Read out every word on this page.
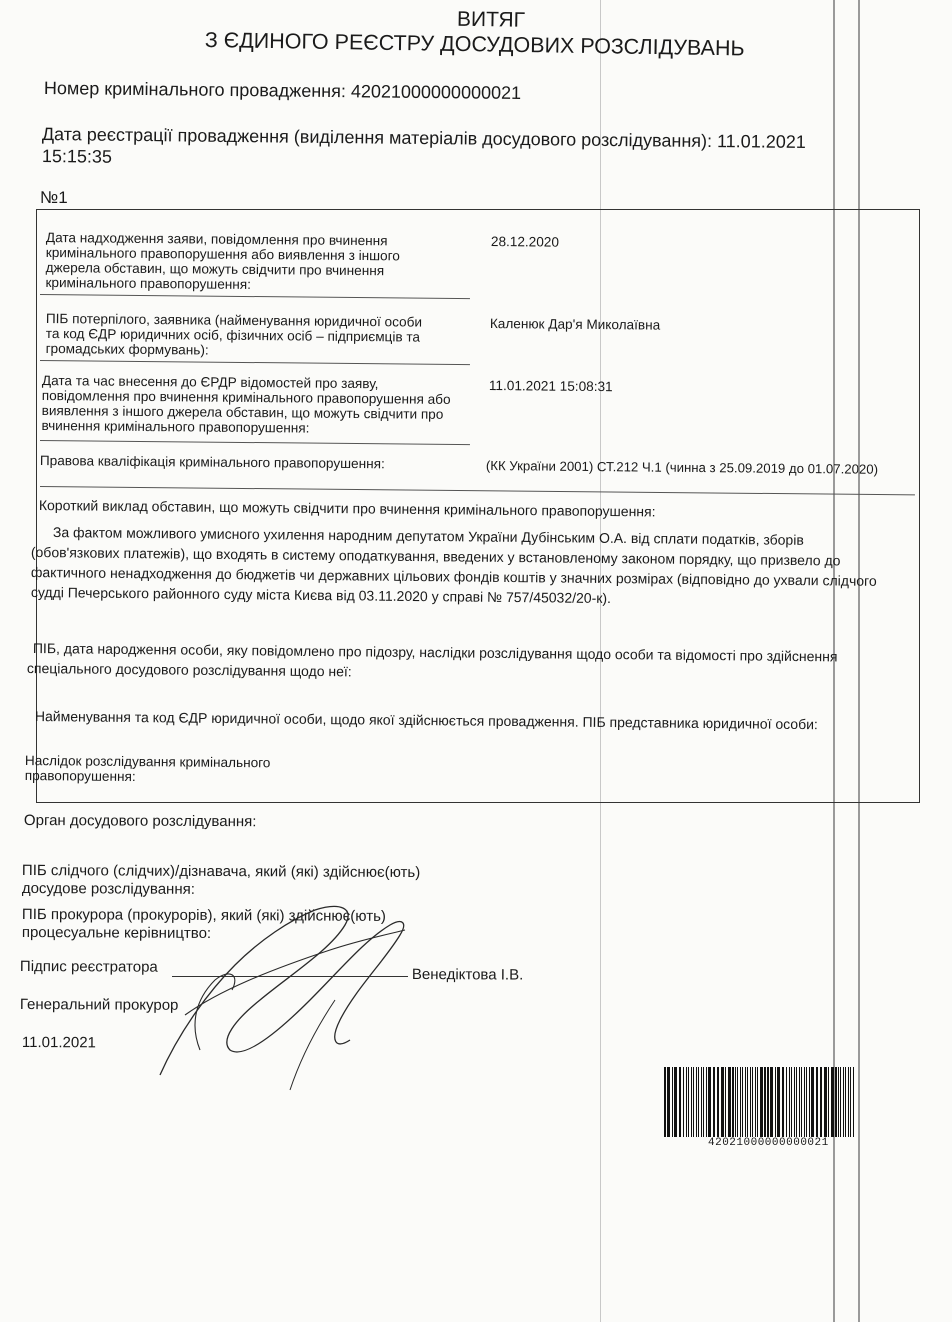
ВИТЯГ
З ЄДИНОГО РЕЄСТРУ ДОСУДОВИХ РОЗСЛІДУВАНЬ
Номер кримінального провадження: 42021000000000021
Дата реєстрації провадження (виділення матеріалів досудового розслідування): 11.01.2021
15:15:35
№1
Дата надходження заяви, повідомлення про вчинення
кримінального правопорушення або виявлення з іншого
джерела обставин, що можуть свідчити про вчинення
кримінального правопорушення:
28.12.2020
ПІБ потерпілого, заявника (найменування юридичної особи
та код ЄДР юридичних осіб, фізичних осіб – підприємців та
громадських формувань):
Каленюк Дар'я Миколаївна
Дата та час внесення до ЄРДР відомостей про заяву,
повідомлення про вчинення кримінального правопорушення або
виявлення з іншого джерела обставин, що можуть свідчити про
вчинення кримінального правопорушення:
11.01.2021 15:08:31
Правова кваліфікація кримінального правопорушення:	(КК України 2001) СТ.212 Ч.1 (чинна з 25.09.2019 до 01.07.2020)
Короткий виклад обставин, що можуть свідчити про вчинення кримінального правопорушення:
За фактом можливого умисного ухилення народним депутатом України Дубінським О.А. від сплати податків, зборів
(обов'язкових платежів), що входять в систему оподаткування, введених у встановленому законом порядку, що призвело до
фактичного ненадходження до бюджетів чи державних цільових фондів коштів у значних розмірах (відповідно до ухвали слідчого
судді Печерського районного суду міста Києва від 03.11.2020 у справі № 757/45032/20-к).
ПІБ, дата народження особи, яку повідомлено про підозру, наслідки розслідування щодо особи та відомості про здійснення
спеціального досудового розслідування щодо неї:
Найменування та код ЄДР юридичної особи, щодо якої здійснюється провадження. ПІБ представника юридичної особи:
Наслідок розслідування кримінального
правопорушення:
Орган досудового розслідування:
ПІБ слідчого (слідчих)/дізнавача, який (які) здійснює(ють)
досудове розслідування:
ПІБ прокурора (прокурорів), який (які) здійснює(ють)
процесуальне керівництво:
Підпис реєстратора	Венедіктова І.В.
Генеральний прокурор
11.01.2021
42021000000000021
